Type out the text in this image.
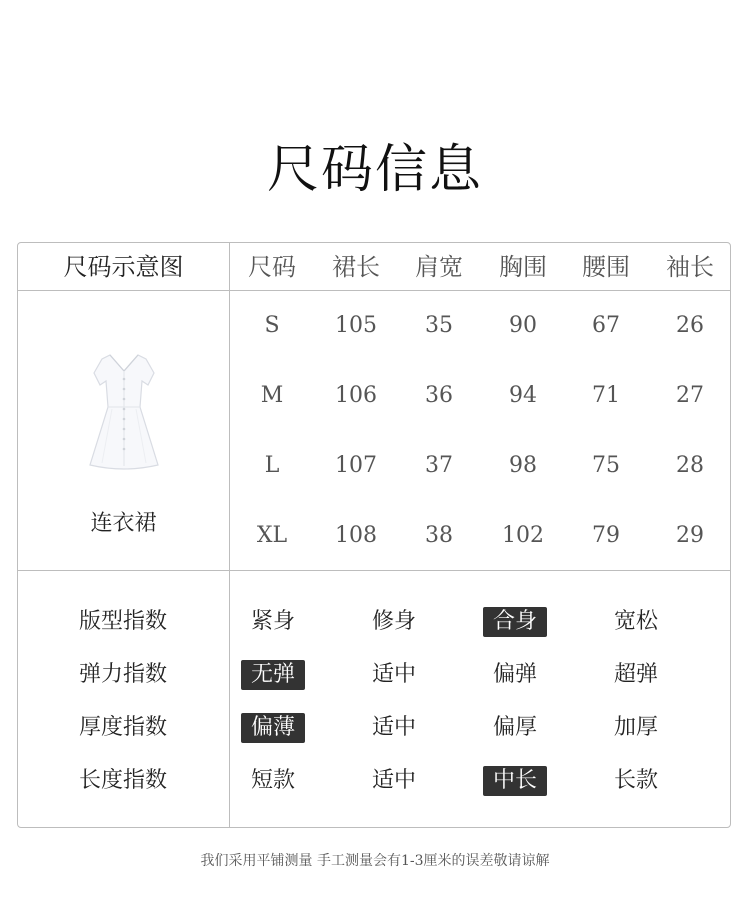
尺码信息
尺码示意图	尺码	裙长	肩宽	胸围	腰围	袖长
S	105	35	90	67	26
M	106	36	94	71	27
L	107	37	98	75	28
XL	108	38	102	79	29
连衣裙
版型指数	紧身	修身	合身	宽松
弹力指数	无弹	适中	偏弹	超弹
厚度指数	偏薄	适中	偏厚	加厚
长度指数	短款	适中	中长	长款
我们采用平铺测量 手工测量会有1-3厘米的误差敬请谅解
